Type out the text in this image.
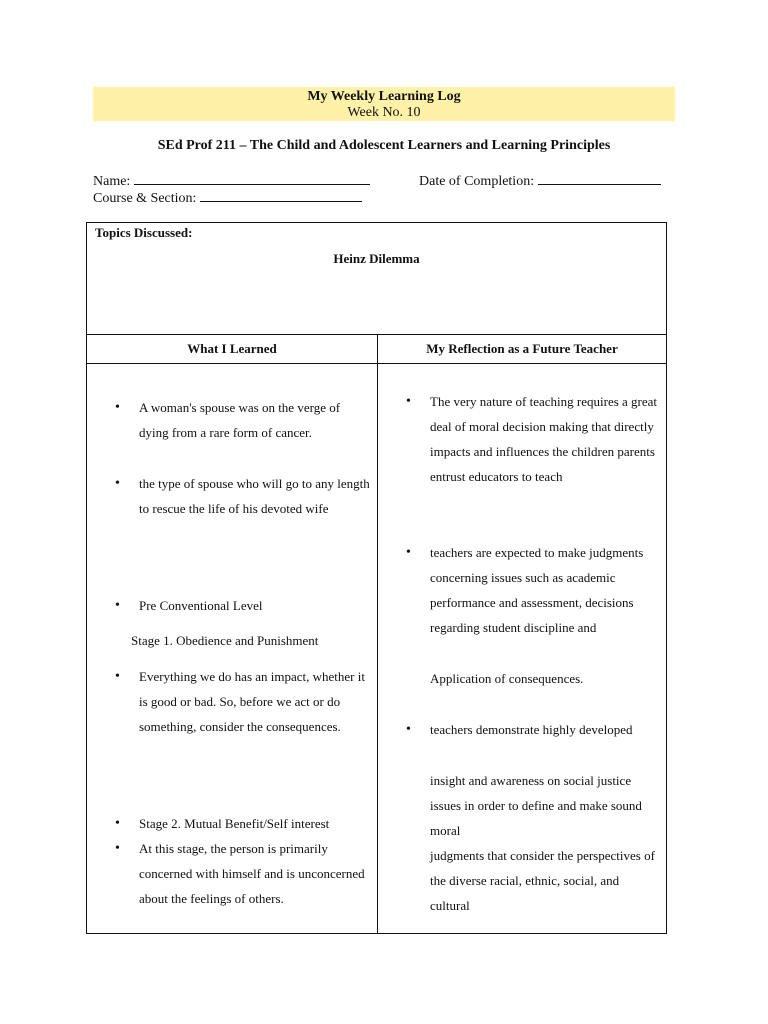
My Weekly Learning Log
Week No. 10
SEd Prof 211 – The Child and Adolescent Learners and Learning Principles
Name:	Date of Completion:
Course & Section:
Topics Discussed:
Heinz Dilemma
What I Learned	My Reflection as a Future Teacher
• A woman's spouse was on the verge of dying from a rare form of cancer.
• the type of spouse who will go to any length to rescue the life of his devoted wife
• Pre Conventional Level
Stage 1. Obedience and Punishment
• Everything we do has an impact, whether it is good or bad. So, before we act or do something, consider the consequences.
• Stage 2. Mutual Benefit/Self interest
• At this stage, the person is primarily concerned with himself and is unconcerned about the feelings of others.
• The very nature of teaching requires a great deal of moral decision making that directly impacts and influences the children parents entrust educators to teach
• teachers are expected to make judgments concerning issues such as academic performance and assessment, decisions regarding student discipline and
Application of consequences.
• teachers demonstrate highly developed
insight and awareness on social justice issues in order to define and make sound moral
judgments that consider the perspectives of the diverse racial, ethnic, social, and cultural
